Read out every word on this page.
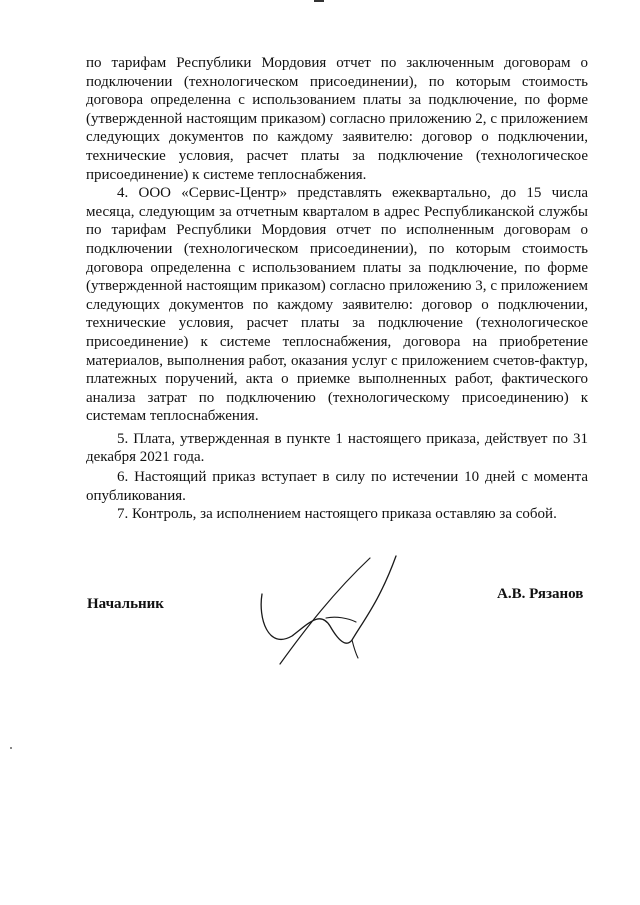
по тарифам Республики Мордовия отчет по заключенным договорам о подключении (технологическом присоединении), по которым стоимость договора определенна с использованием платы за подключение, по форме (утвержденной настоящим приказом) согласно приложению 2, с приложением следующих документов по каждому заявителю: договор о подключении, технические условия, расчет платы за подключение (технологическое присоединение) к системе теплоснабжения.

4. ООО «Сервис-Центр» представлять ежеквартально, до 15 числа месяца, следующим за отчетным кварталом в адрес Республиканской службы по тарифам Республики Мордовия отчет по исполненным договорам о подключении (технологическом присоединении), по которым стоимость договора определенна с использованием платы за подключение, по форме (утвержденной настоящим приказом) согласно приложению 3, с приложением следующих документов по каждому заявителю: договор о подключении, технические условия, расчет платы за подключение (технологическое присоединение) к системе теплоснабжения, договора на приобретение материалов, выполнения работ, оказания услуг с приложением счетов-фактур, платежных поручений, акта о приемке выполненных работ, фактического анализа затрат по подключению (технологическому присоединению) к системам теплоснабжения.

5. Плата, утвержденная в пункте 1 настоящего приказа, действует по 31 декабря 2021 года.

6. Настоящий приказ вступает в силу по истечении 10 дней с момента опубликования.

7. Контроль, за исполнением настоящего приказа оставляю за собой.

Начальник
А.В. Рязанов
